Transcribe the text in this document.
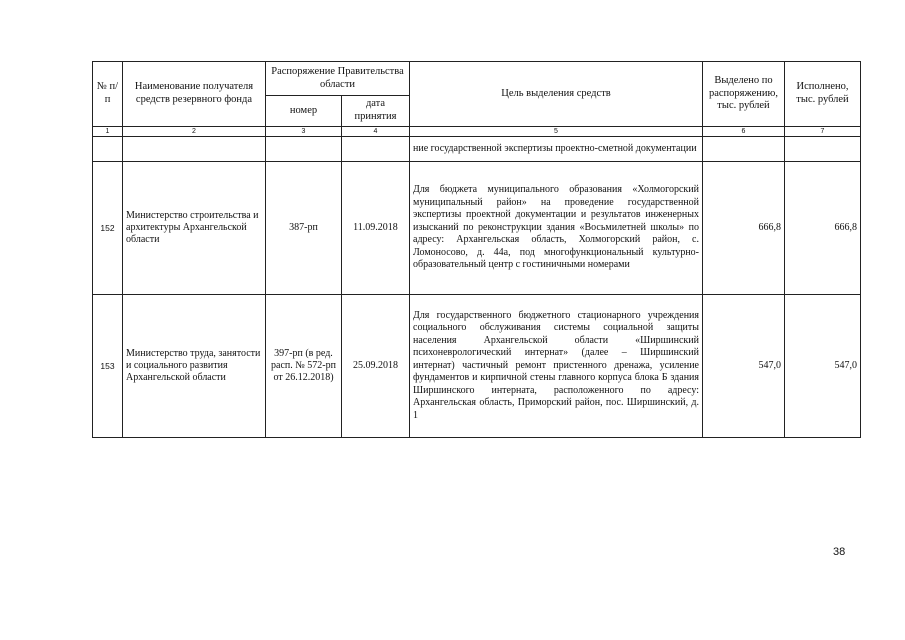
№ п/п	Наименование получателя средств резервного фонда	Распоряжение Правительства области		Цель выделения средств	Выделено по распоряжению, тыс. рублей	Исполнено, тыс. рублей
		номер	дата принятия			
1	2	3	4	5	6	7
				ние государственной экспертизы проектно-сметной документации		
152	Министерство строительства и архитектуры Архангельской области	387-рп	11.09.2018	Для бюджета муниципального образования «Холмогорский муниципальный район» на проведение государственной экспертизы проектной документации и результатов инженерных изысканий по реконструкции здания «Восьмилетней школы» по адресу: Архангельская область, Холмогорский район, с. Ломоносово, д. 44а, под многофункциональный культурно-образовательный центр с гостиничными номерами	666,8	666,8
153	Министерство труда, занятости и социального развития Архангельской области	397-рп (в ред. расп. № 572-рп от 26.12.2018)	25.09.2018	Для государственного бюджетного стационарного учреждения социального обслуживания системы социальной защиты населения Архангельской области «Ширшинский психоневрологический интернат» (далее – Ширшинский интернат) частичный ремонт пристенного дренажа, усиление фундаментов и кирпичной стены главного корпуса блока Б здания Ширшинского интерната, расположенного по адресу: Архангельская область, Приморский район, пос. Ширшинский, д. 1	547,0	547,0
38
